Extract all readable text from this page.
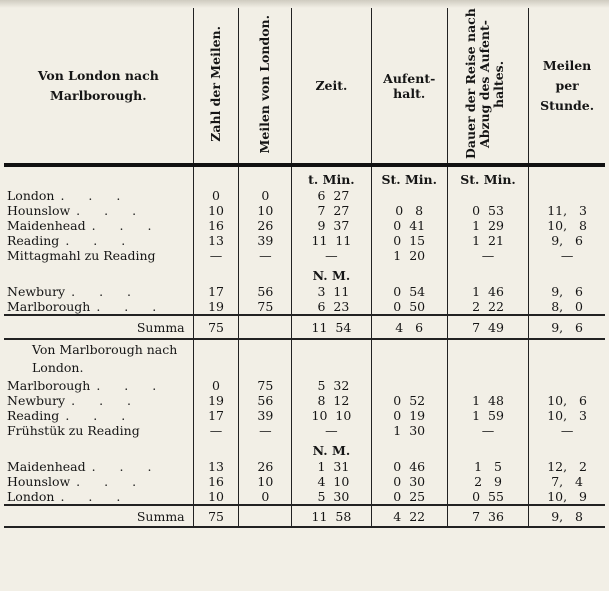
Von London nach Marlborough.	Zahl der Meilen.	Meilen von London.	Zeit.	Aufent-halt.	Dauer der Reise nach Abzug des Aufent-haltes.	Meilen per Stunde.
			t. Min.	St. Min.	St. Min.	
London . . .	0	0	6  27			
Hounslow . . .	10	10	7  27	0   8	0  53	11,   3
Maidenhead . . .	16	26	9  37	0  41	1  29	10,   8
Reading . . .	13	39	11  11	0  15	1  21	9,   6
Mittagmahl zu Reading	—	—	—	1  20	—	—
			N. M.			
Newbury . . .	17	56	3  11	0  54	1  46	9,   6
Marlborough . . .	19	75	6  23	0  50	2  22	8,   0
Summa	75		11  54	4   6	7  49	9,   6
Von Marlborough nach London.						
Marlborough . . .	0	75	5  32			
Newbury . . .	19	56	8  12	0  52	1  48	10,   6
Reading . . .	17	39	10  10	0  19	1  59	10,   3
Frühstük zu Reading	—	—	—	1  30	—	—
			N. M.			
Maidenhead . . .	13	26	1  31	0  46	1   5	12,   2
Hounslow . . .	16	10	4  10	0  30	2   9	7,   4
London . . .	10	0	5  30	0  25	0  55	10,   9
Summa	75		11  58	4  22	7  36	9,   8
